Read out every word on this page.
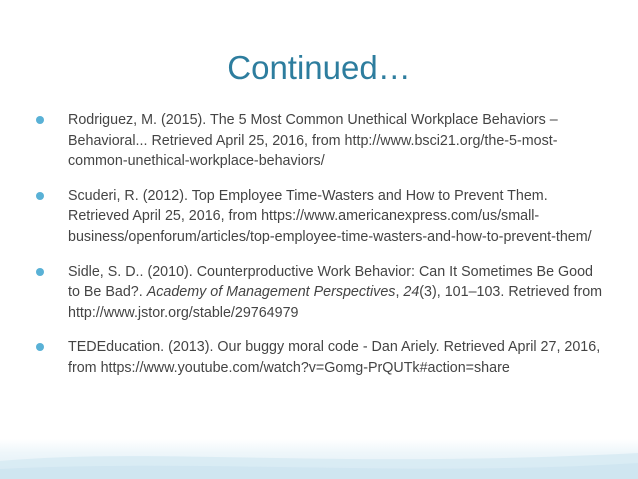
Continued…
Rodriguez, M. (2015). The 5 Most Common Unethical Workplace Behaviors – Behavioral... Retrieved April 25, 2016, from http://www.bsci21.org/the-5-most-common-unethical-workplace-behaviors/
Scuderi, R. (2012). Top Employee Time-Wasters and How to Prevent Them. Retrieved April 25, 2016, from https://www.americanexpress.com/us/small-business/openforum/articles/top-employee-time-wasters-and-how-to-prevent-them/
Sidle, S. D.. (2010). Counterproductive Work Behavior: Can It Sometimes Be Good to Be Bad?. Academy of Management Perspectives, 24(3), 101–103. Retrieved from http://www.jstor.org/stable/29764979
TEDEducation. (2013). Our buggy moral code - Dan Ariely. Retrieved April 27, 2016, from https://www.youtube.com/watch?v=Gomg-PrQUTk#action=share
